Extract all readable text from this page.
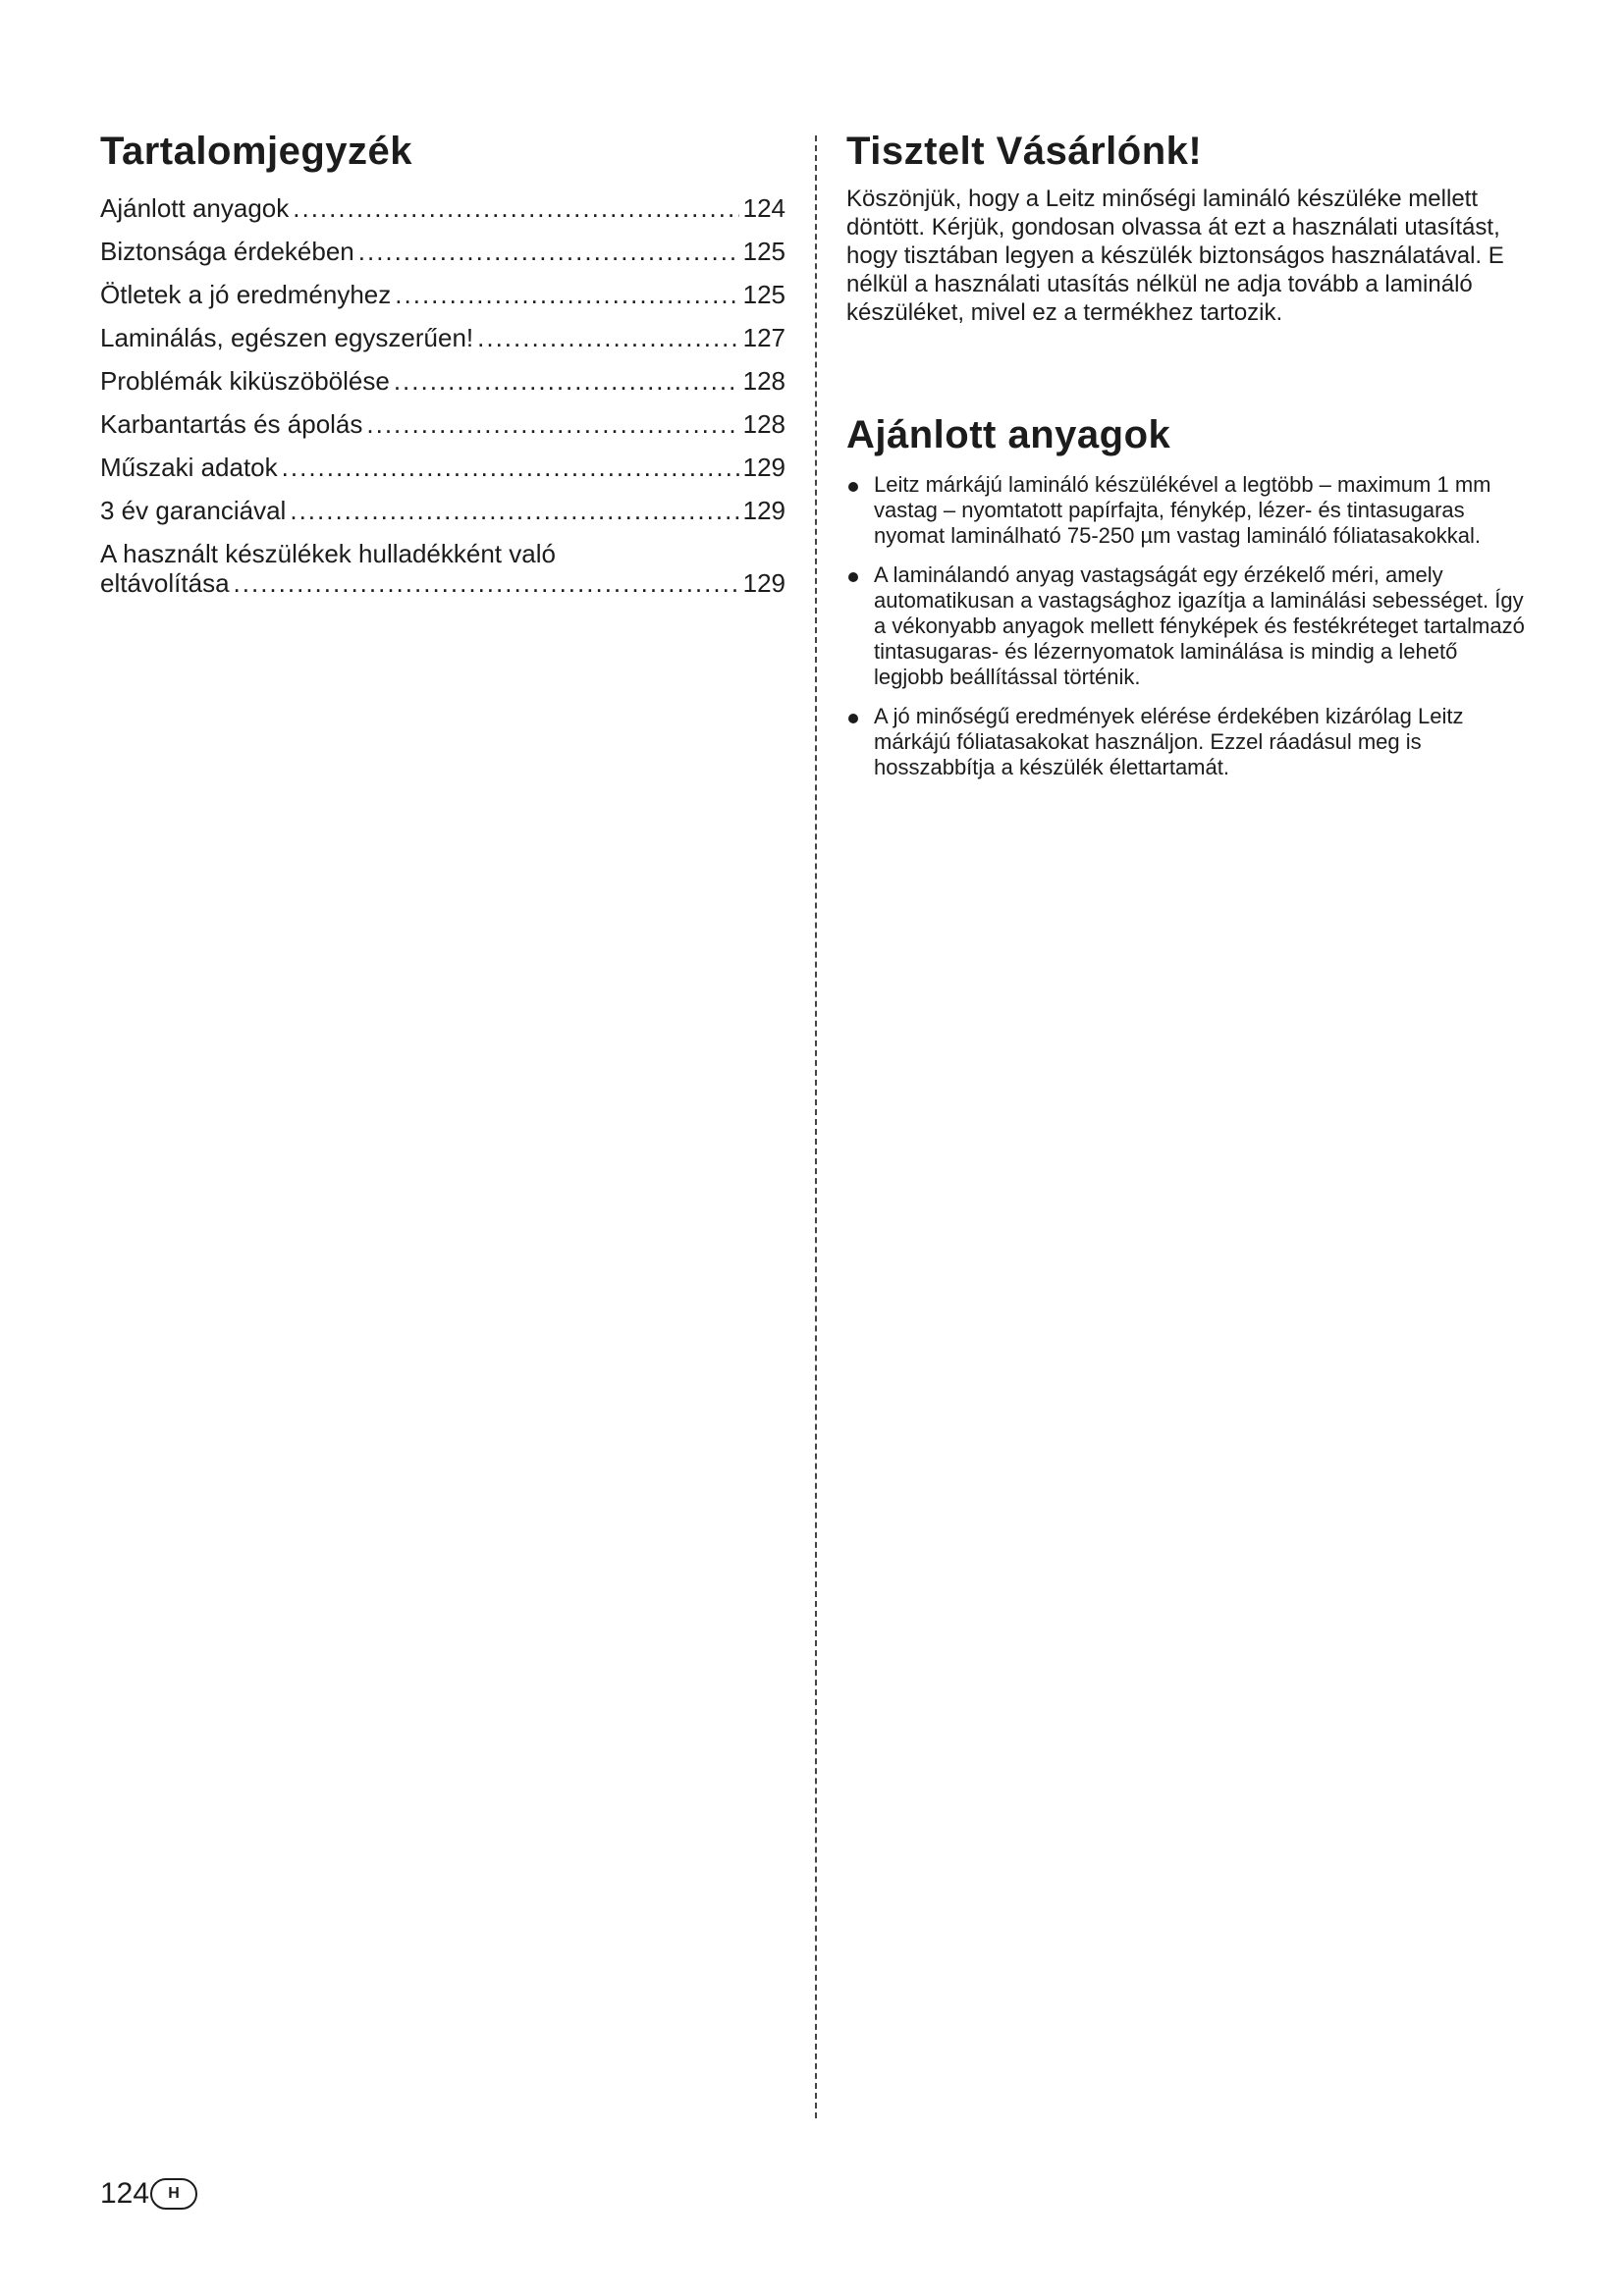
Tartalomjegyzék
Ajánlott anyagok .....	124
Biztonsága érdekében .....	125
Ötletek a jó eredményhez .....	125
Laminálás, egészen egyszerűen! .....	127
Problémák kiküszöbölése .....	128
Karbantartás és ápolás .....	128
Műszaki adatok .....	129
3 év garanciával .....	129
A használt készülékek hulladékként való
eltávolítása .....	129
Tisztelt Vásárlónk!

Köszönjük, hogy a Leitz minőségi lamináló készüléke mellett döntött. Kérjük, gondosan olvassa át ezt a használati utasítást, hogy tisztában legyen a készülék biztonságos használatával. E nélkül a használati utasítás nélkül ne adja tovább a lamináló készüléket, mivel ez a termékhez tartozik.

Ajánlott anyagok
Leitz márkájú lamináló készülékével a legtöbb – maximum 1 mm vastag – nyomtatott papírfajta, fénykép, lézer- és tintasugaras nyomat laminálható 75-250 µm vastag lamináló fóliatasakokkal.
A laminálandó anyag vastagságát egy érzékelő méri, amely automatikusan a vastagsághoz igazítja a laminálási sebességet. Így a vékonyabb anyagok mellett fényképek és festékréteget tartalmazó tintasugaras- és lézernyomatok laminálása is mindig a lehető legjobb beállítással történik.
A jó minőségű eredmények elérése érdekében kizárólag Leitz márkájú fóliatasakokat használjon. Ezzel ráadásul meg is hosszabbítja a készülék élettartamát.
124	H
